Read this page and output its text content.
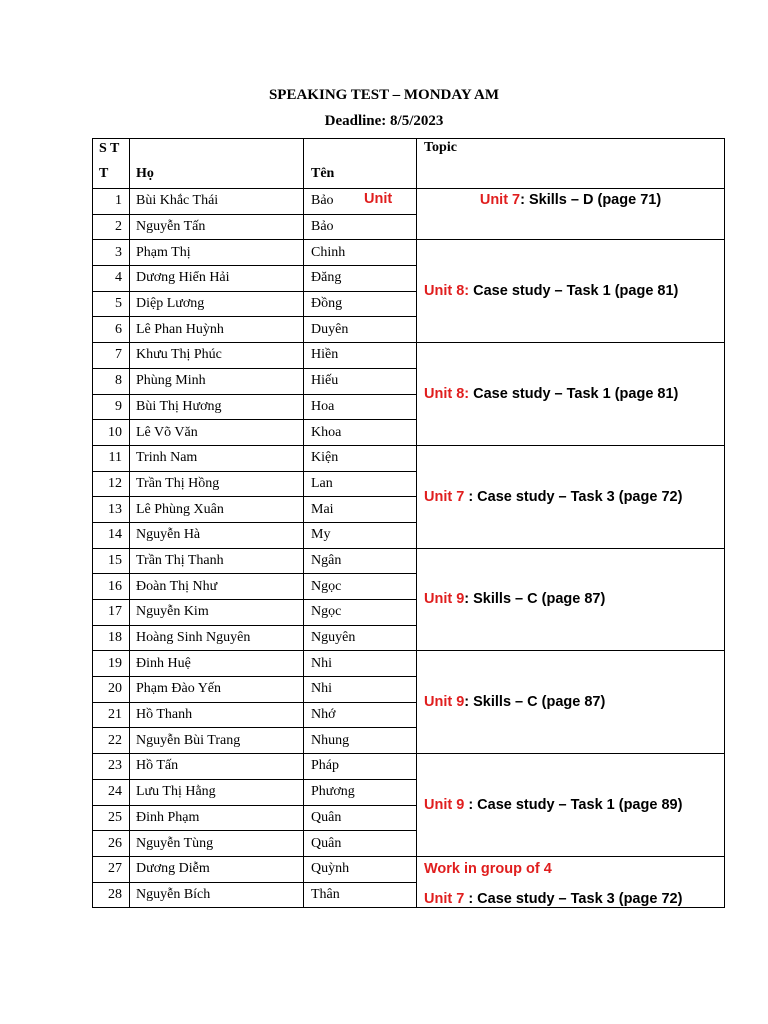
SPEAKING TEST – MONDAY AM
Deadline: 8/5/2023
S T
T	Họ	Tên	Topic

1	Bùi Khắc Thái	Bảo	Unit 7: Skills – D (page 71)
2	Nguyễn Tấn	Bảo	
3	Phạm Thị	Chinh	Unit 8: Case study – Task 1 (page 81)
4	Dương Hiển Hải	Đăng	
5	Diệp Lương	Đồng	
6	Lê Phan Huỳnh	Duyên	
7	Khưu Thị Phúc	Hiền	Unit 8: Case study – Task 1 (page 81)
8	Phùng Minh	Hiếu	
9	Bùi Thị Hương	Hoa	
10	Lê Võ Văn	Khoa	
11	Trinh Nam	Kiện	Unit 7 : Case study – Task 3 (page 72)
12	Trần Thị Hồng	Lan	
13	Lê Phùng Xuân	Mai	
14	Nguyễn Hà	My	
15	Trần Thị Thanh	Ngân	Unit 9: Skills – C (page 87)
16	Đoàn Thị Như	Ngọc	
17	Nguyễn Kim	Ngọc	
18	Hoàng Sinh Nguyên	Nguyên	
19	Đinh Huệ	Nhi	Unit 9: Skills – C (page 87)
20	Phạm Đào Yến	Nhi	
21	Hồ Thanh	Nhớ	
22	Nguyễn Bùi Trang	Nhung	
23	Hồ Tấn	Pháp	Unit 9 : Case study – Task 1 (page 89)
24	Lưu Thị Hằng	Phương	
25	Đinh Phạm	Quân	
26	Nguyễn Tùng	Quân	
27	Dương Diễm	Quỳnh	Work in group of 4
Unit 7 : Case study – Task 3 (page 72)
28	Nguyễn Bích	Thân	
Unit
